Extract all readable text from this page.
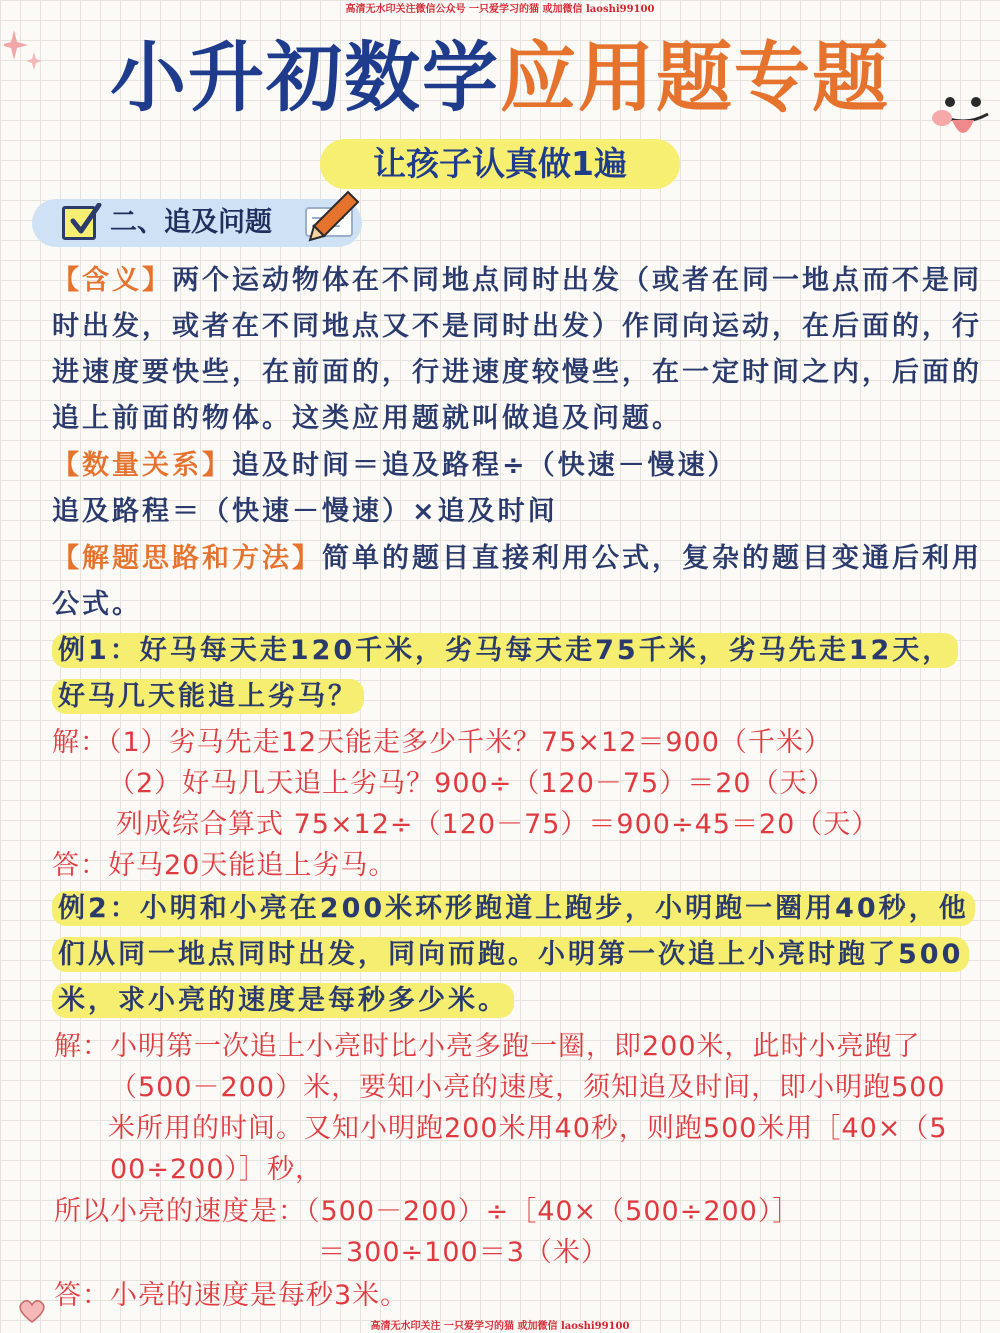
高清无水印关注微信公众号 一只爱学习的猫 或加微信 laoshi99100
小升初数学应用题专题
让孩子认真做1遍
二、追及问题
【含义】两个运动物体在不同地点同时出发（或者在同一地点而不是同时出发，或者在不同地点又不是同时出发）作同向运动，在后面的，行进速度要快些，在前面的，行进速度较慢些，在一定时间之内，后面的追上前面的物体。这类应用题就叫做追及问题。
【数量关系】追及时间＝追及路程÷（快速－慢速）
追及路程＝（快速－慢速）×追及时间
【解题思路和方法】简单的题目直接利用公式，复杂的题目变通后利用公式。
例1：好马每天走120千米，劣马每天走75千米，劣马先走12天，好马几天能追上劣马？
解：（1）劣马先走12天能走多少千米？75×12＝900（千米）
（2）好马几天追上劣马？900÷（120－75）＝20（天）
列成综合算式 75×12÷（120－75）＝900÷45＝20（天）
答：好马20天能追上劣马。
例2：小明和小亮在200米环形跑道上跑步，小明跑一圈用40秒，他们从同一地点同时出发，同向而跑。小明第一次追上小亮时跑了500米，求小亮的速度是每秒多少米。
解：小明第一次追上小亮时比小亮多跑一圈，即200米，此时小亮跑了
（500－200）米，要知小亮的速度，须知追及时间，即小明跑500
米所用的时间。又知小明跑200米用40秒，则跑500米用［40×（5
00÷200）］秒，
所以小亮的速度是：（500－200）÷［40×（500÷200）］
＝300÷100＝3（米）
答：小亮的速度是每秒3米。
高清无水印关注 一只爱学习的猫 或加微信 laoshi99100
